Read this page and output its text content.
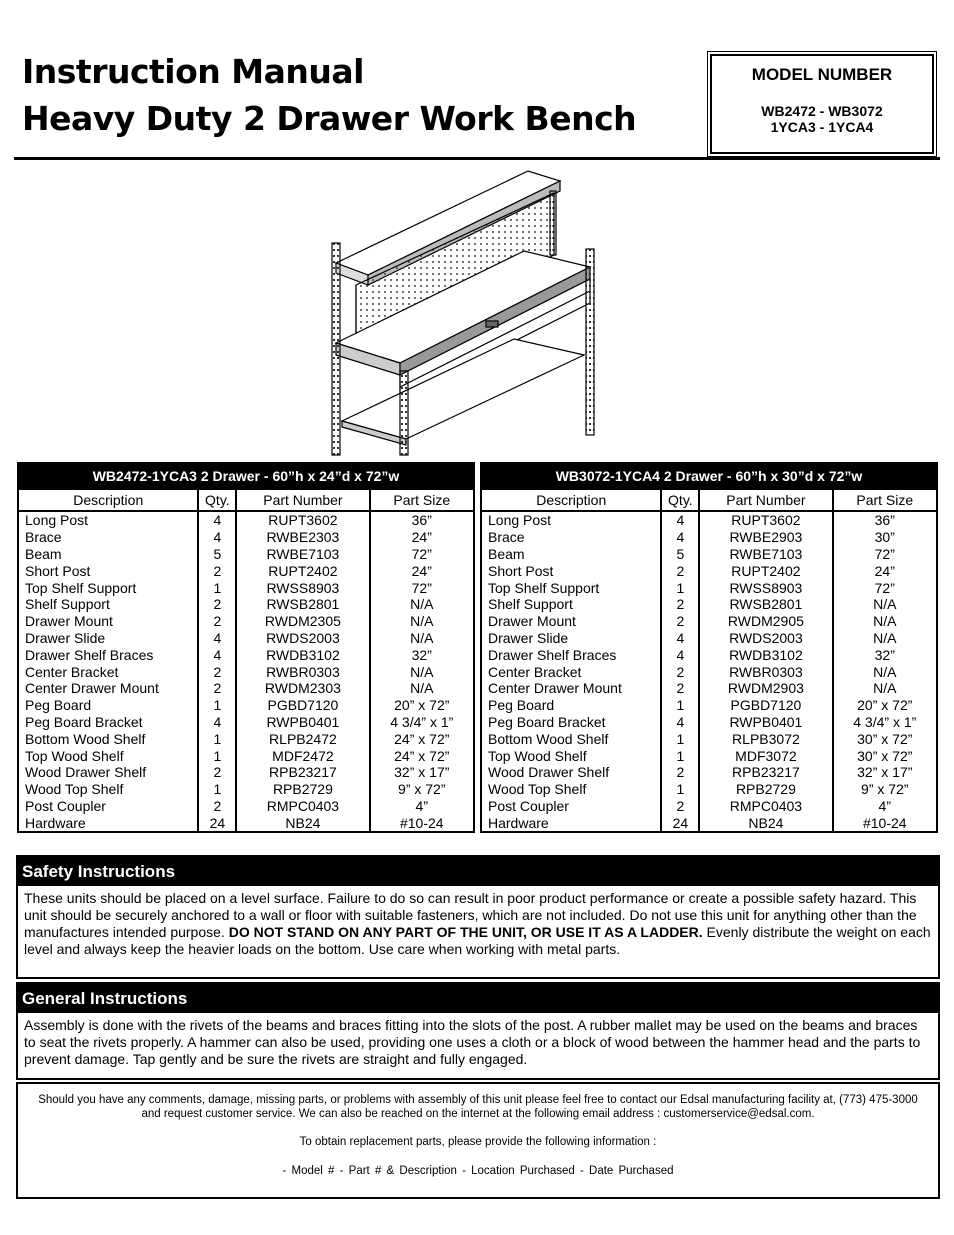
Instruction Manual
Heavy Duty 2 Drawer Work Bench
MODEL NUMBER
WB2472 - WB3072
1YCA3 - 1YCA4
WB2472-1YCA3 2 Drawer - 60”h x 24”d x 72”w			
Description	Qty.	Part Number	Part Size
Long Post	4	RUPT3602	36”
Brace	4	RWBE2303	24”
Beam	5	RWBE7103	72”
Short Post	2	RUPT2402	24”
Top Shelf Support	1	RWSS8903	72”
Shelf Support	2	RWSB2801	N/A
Drawer Mount	2	RWDM2305	N/A
Drawer Slide	4	RWDS2003	N/A
Drawer Shelf Braces	4	RWDB3102	32”
Center Bracket	2	RWBR0303	N/A
Center Drawer Mount	2	RWDM2303	N/A
Peg Board	1	PGBD7120	20” x 72”
Peg Board Bracket	4	RWPB0401	4 3/4” x 1”
Bottom Wood Shelf	1	RLPB2472	24” x 72”
Top Wood Shelf	1	MDF2472	24” x 72”
Wood Drawer Shelf	2	RPB23217	32” x 17”
Wood Top Shelf	1	RPB2729	9” x 72”
Post Coupler	2	RMPC0403	4”
Hardware	24	NB24	#10-24
WB3072-1YCA4 2 Drawer - 60”h x 30”d x 72”w			
Description	Qty.	Part Number	Part Size
Long Post	4	RUPT3602	36”
Brace	4	RWBE2903	30”
Beam	5	RWBE7103	72”
Short Post	2	RUPT2402	24”
Top Shelf Support	1	RWSS8903	72”
Shelf Support	2	RWSB2801	N/A
Drawer Mount	2	RWDM2905	N/A
Drawer Slide	4	RWDS2003	N/A
Drawer Shelf Braces	4	RWDB3102	32”
Center Bracket	2	RWBR0303	N/A
Center Drawer Mount	2	RWDM2903	N/A
Peg Board	1	PGBD7120	20” x 72”
Peg Board Bracket	4	RWPB0401	4 3/4” x 1”
Bottom Wood Shelf	1	RLPB3072	30” x 72”
Top Wood Shelf	1	MDF3072	30” x 72”
Wood Drawer Shelf	2	RPB23217	32” x 17”
Wood Top Shelf	1	RPB2729	9” x 72”
Post Coupler	2	RMPC0403	4”
Hardware	24	NB24	#10-24
Safety Instructions
These units should be placed on a level surface. Failure to do so can result in poor product performance or create a possible safety hazard. This unit should be securely anchored to a wall or floor with suitable fasteners, which are not included. Do not use this unit for anything other than the manufactures intended purpose. DO NOT STAND ON ANY PART OF THE UNIT, OR USE IT AS A LADDER. Evenly distribute the weight on each level and always keep the heavier loads on the bottom. Use care when working with metal parts.
General Instructions
Assembly is done with the rivets of the beams and braces fitting into the slots of the post. A rubber mallet may be used on the beams and braces to seat the rivets properly. A hammer can also be used, providing one uses a cloth or a block of wood between the hammer head and the parts to prevent damage. Tap gently and be sure the rivets are straight and fully engaged.

Should you have any comments, damage, missing parts, or problems with assembly of this unit please feel free to contact our Edsal manufacturing facility at, (773) 475-3000 and request customer service. We can also be reached on the internet at the following email address : customerservice@edsal.com.

To obtain replacement parts, please provide the following information :

- Model # - Part # & Description - Location Purchased - Date Purchased
